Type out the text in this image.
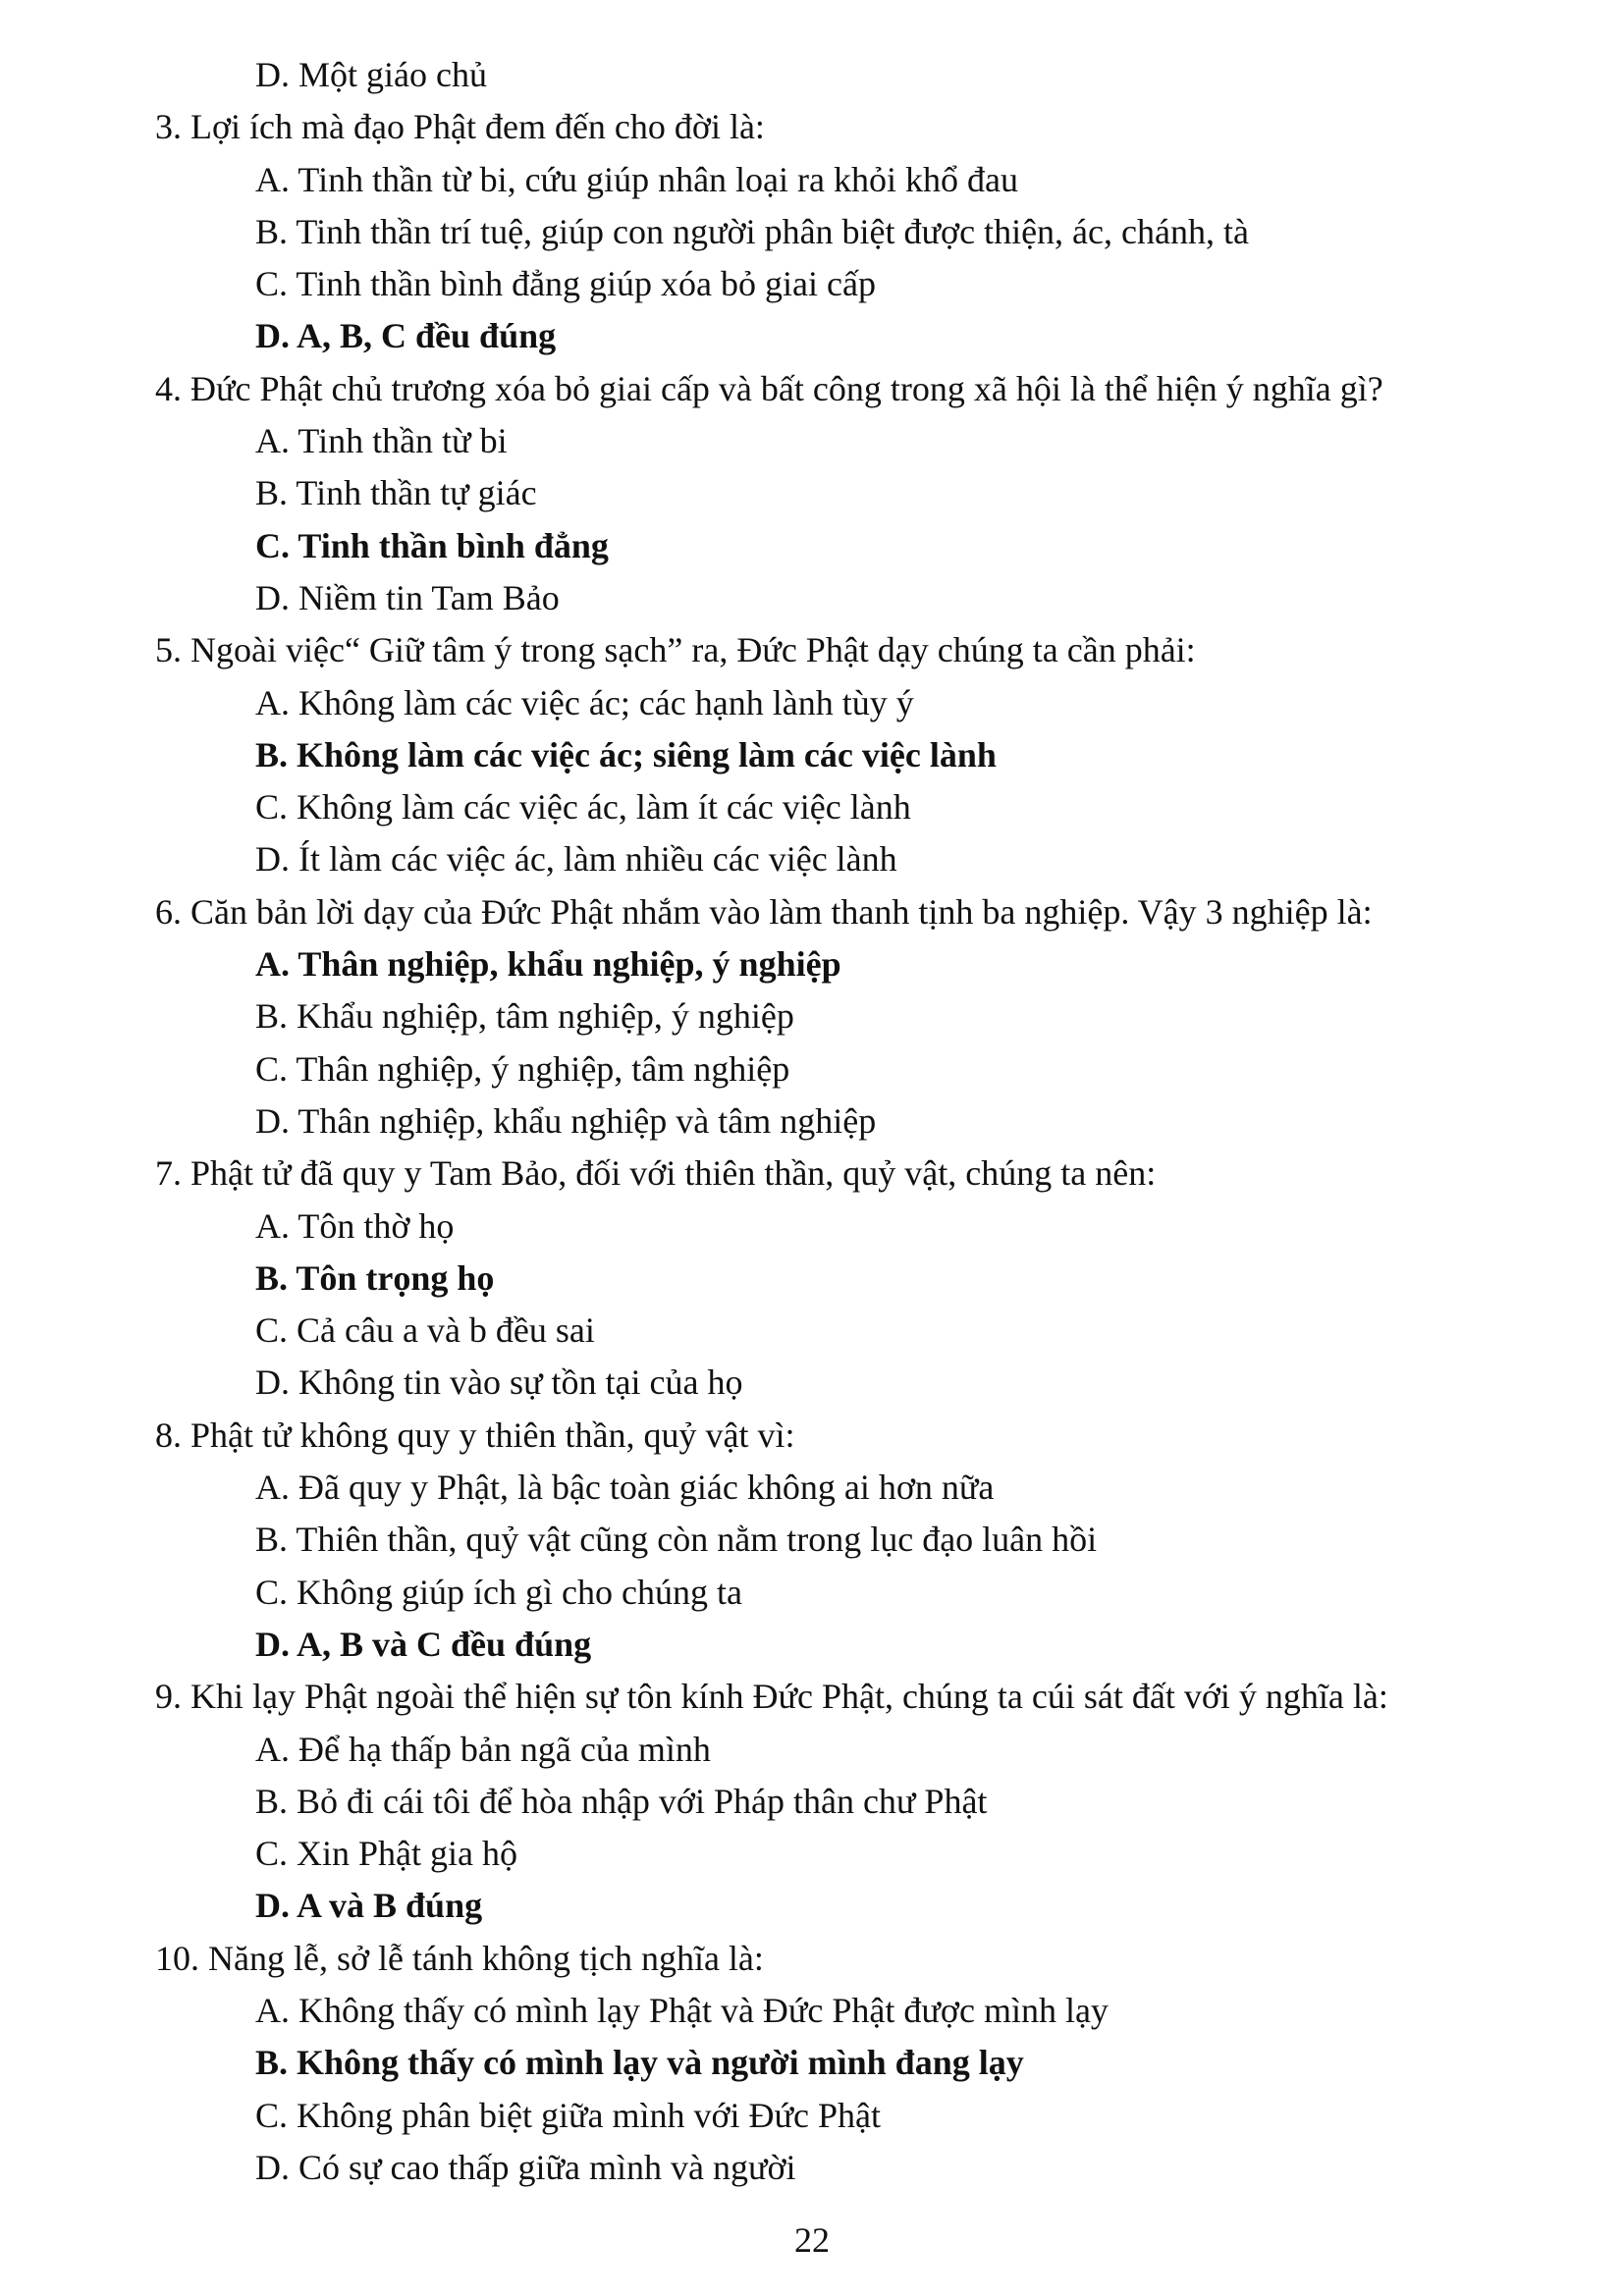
D. Một giáo chủ
3. Lợi ích mà đạo Phật đem đến cho đời là:
A. Tinh thần từ bi, cứu giúp nhân loại ra khỏi khổ đau
B. Tinh thần trí tuệ, giúp con người phân biệt được thiện, ác, chánh, tà
C. Tinh thần bình đẳng giúp xóa bỏ giai cấp
D. A, B, C đều đúng
4. Đức Phật chủ trương xóa bỏ giai cấp và bất công trong xã hội là thể hiện ý nghĩa gì?
A. Tinh thần từ bi
B. Tinh thần tự giác
C. Tinh thần bình đẳng
D. Niềm tin Tam Bảo
5. Ngoài việc“ Giữ tâm ý trong sạch” ra, Đức Phật dạy chúng ta cần phải:
A. Không làm các việc ác; các hạnh lành tùy ý
B. Không làm các việc ác; siêng làm các việc lành
C. Không làm các việc ác, làm ít các việc lành
D. Ít làm các việc ác, làm nhiều các việc lành
6. Căn bản lời dạy của Đức Phật nhắm vào làm thanh tịnh ba nghiệp. Vậy 3 nghiệp là:
A. Thân nghiệp, khẩu nghiệp, ý nghiệp
B. Khẩu nghiệp, tâm nghiệp, ý nghiệp
C. Thân nghiệp, ý nghiệp, tâm nghiệp
D. Thân nghiệp, khẩu nghiệp và tâm nghiệp
7. Phật tử đã quy y Tam Bảo, đối với thiên thần, quỷ vật, chúng ta nên:
A. Tôn thờ họ
B. Tôn trọng họ
C. Cả câu a và b đều sai
D. Không tin vào sự tồn tại của họ
8. Phật tử không quy y thiên thần, quỷ vật vì:
A. Đã quy y Phật, là bậc toàn giác không ai hơn nữa
B. Thiên thần, quỷ vật cũng còn nằm trong lục đạo luân hồi
C. Không giúp ích gì cho chúng ta
D. A, B và C đều đúng
9. Khi lạy Phật ngoài thể hiện sự tôn kính Đức Phật, chúng ta cúi sát đất với ý nghĩa là:
A. Để hạ thấp bản ngã của mình
B. Bỏ đi cái tôi để hòa nhập với Pháp thân chư Phật
C. Xin Phật gia hộ
D. A và B đúng
10. Năng lễ, sở lễ tánh không tịch nghĩa là:
A. Không thấy có mình lạy Phật và Đức Phật được mình lạy
B. Không thấy có mình lạy và người mình đang lạy
C. Không phân biệt giữa mình với Đức Phật
D. Có sự cao thấp giữa mình và người
22
